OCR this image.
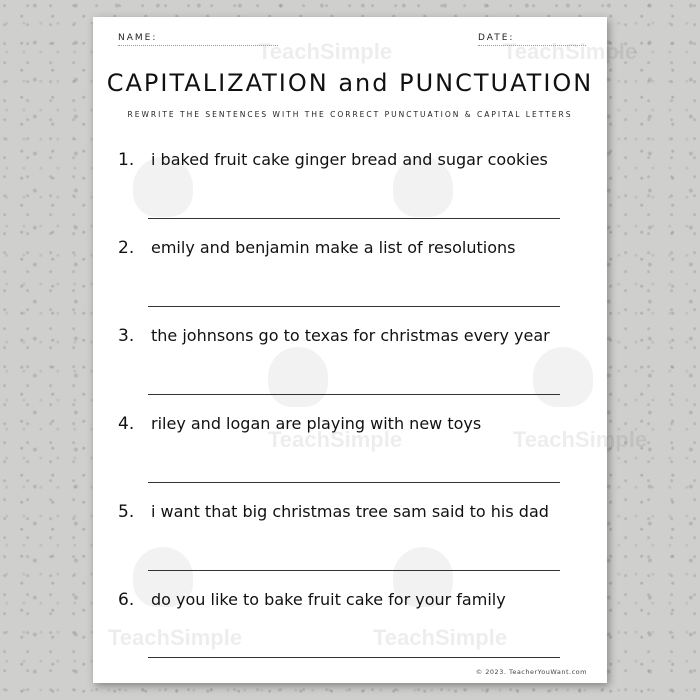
TeachSimple	TeachSimple
TeachSimple	TeachSimple
TeachSimple	TeachSimple
NAME:	DATE:
CAPITALIZATION and PUNCTUATION
REWRITE THE SENTENCES WITH THE CORRECT PUNCTUATION & CAPITAL LETTERS
1. i baked fruit cake ginger bread and sugar cookies
2. emily and benjamin make a list of resolutions
3. the johnsons go to texas for christmas every year
4. riley and logan are playing with new toys
5. i want that big christmas tree sam said to his dad
6. do you like to bake fruit cake for your family
© 2023. TeacherYouWant.com
